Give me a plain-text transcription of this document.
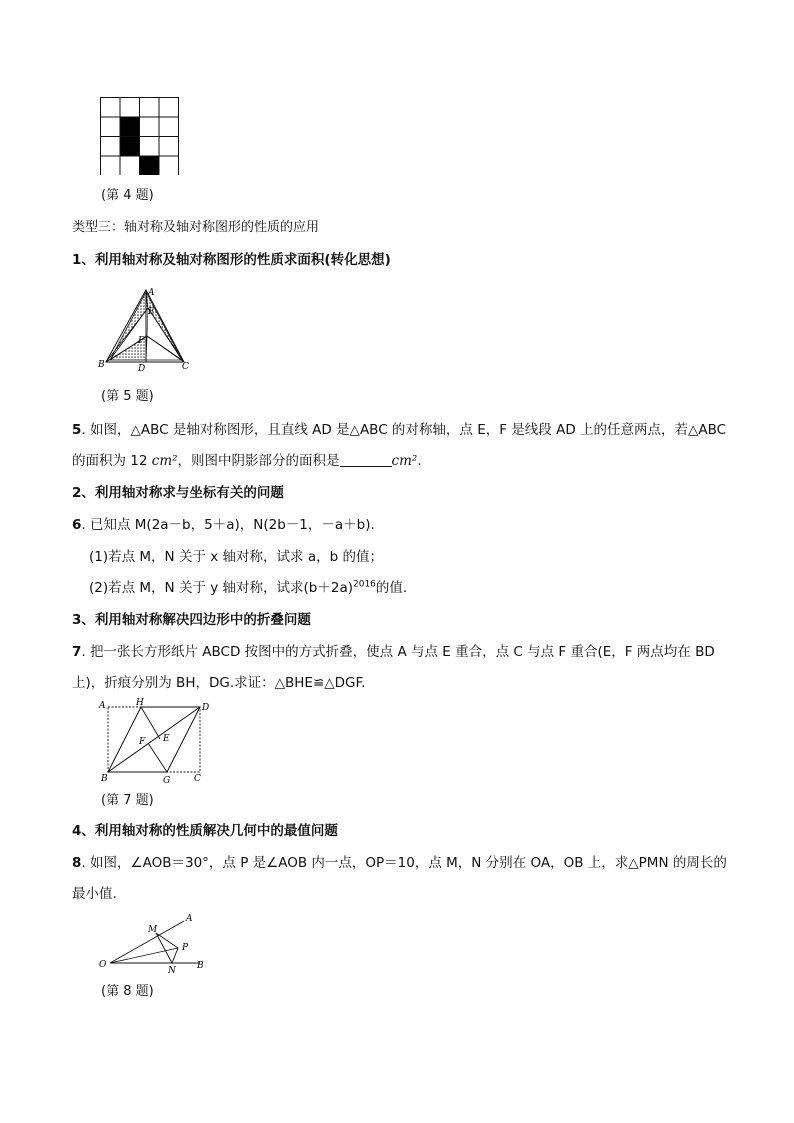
(第 4 题)
类型三：轴对称及轴对称图形的性质的应用
1、利用轴对称及轴对称图形的性质求面积(转化思想)
A
B	C
D
E
F
(第 5 题)
5. 如图，△ABC 是轴对称图形，且直线 AD 是△ABC 的对称轴，点 E，F 是线段 AD 上的任意两点，若△ABC
的面积为 12 cm²，则图中阴影部分的面积是	cm².
2、利用轴对称求与坐标有关的问题
6. 已知点 M(2a－b，5＋a)，N(2b－1，－a＋b).
(1)若点 M，N 关于 x 轴对称，试求 a，b 的值；
(2)若点 M，N 关于 y 轴对称，试求$(b+2a)^{2016}$的值.
3、利用轴对称解决四边形中的折叠问题
7. 把一张长方形纸片 ABCD 按图中的方式折叠，使点 A 与点 E 重合，点 C 与点 F 重合(E，F 两点均在 BD
上)，折痕分别为 BH，DG.求证：△BHE≌△DGF.
A	H	D
F E
B	G	C
(第 7 题)
4、利用轴对称的性质解决几何中的最值问题
8. 如图，∠AOB＝30°，点 P 是∠AOB 内一点，OP＝10，点 M，N 分别在 OA，OB 上，求△PMN 的周长的
最小值.
A
M
P
O
N B
(第 8 题)
